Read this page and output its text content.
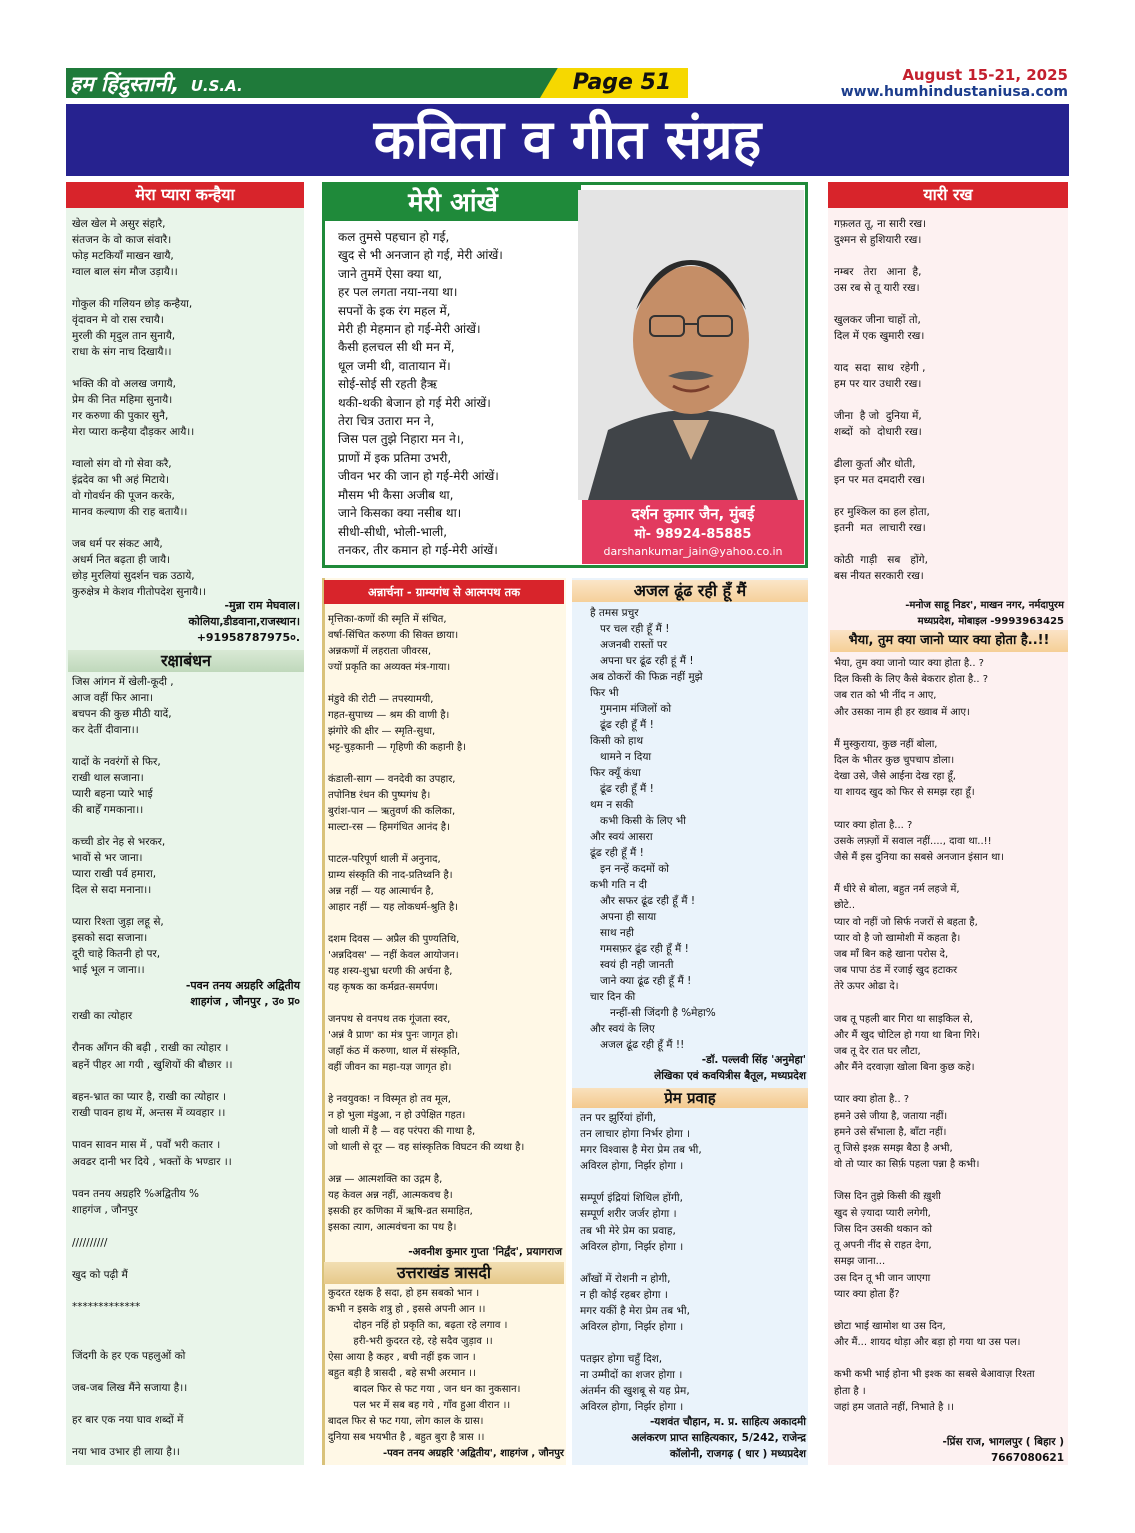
हम हिंदुस्तानी, U.S.A.	Page 51	August 15-21, 2025
www.humhindustaniusa.com
कविता व गीत संग्रह
मेरा प्यारा कन्हैया
खेल खेल मे असुर संहारै,
संतजन के वो काज संवारै।
फोड़ मटकियाँ माखन खायै,
ग्वाल बाल संग मौज उड़ायै।।
गोकुल की गलियन छोड़ कन्हैया,
वृंदावन मे वो रास रचायै।
मुरली की मृदुल तान सुनायै,
राधा के संग नाच दिखायै।।
भक्ति की वो अलख जगायै,
प्रेम की नित महिमा सुनायै।
गर करुणा की पुकार सुनै,
मेरा प्यारा कन्हैया दौड़कर आयै।।
ग्वालो संग वो गो सेवा करै,
इंद्रदेव का भी अहं मिटाये।
वो गोवर्धन की पूजन करके,
मानव कल्याण की राह बतायै।।
जब धर्म पर संकट आयै,
अधर्म नित बढ़ता ही जायै।
छोड़ मुरलियां सुदर्शन चक्र उठाये,
कुरुक्षेत्र मे केशव गीतोपदेश सुनायै।।
-मुन्ना राम मेघवाल।
कोलिया,डीडवाना,राजस्थान।
+91958787975०.
रक्षाबंधन
जिस आंगन में खेली-कूदी ,
आज वहीं फिर आना।
बचपन की कुछ मीठी यादें,
कर देतीं दीवाना।।
यादों के नवरंगों से फिर,
राखी थाल सजाना।
प्यारी बहना प्यारे भाई
की बाहेँ गमकाना।।
कच्ची डोर नेह से भरकर,
भावों से भर जाना।
प्यारा राखी पर्व हमारा,
दिल से सदा मनाना।।
प्यारा रिश्ता जुड़ा लहू से,
इसको सदा सजाना।
दूरी चाहे कितनी हो पर,
भाई भूल न जाना।।
-पवन तनय अग्रहरि अद्वितीय
शाहगंज , जौनपुर , उ० प्र०
राखी का त्योहार
रौनक आँगन की बढ़ी , राखी का त्योहार ।
बहनें पीहर आ गयी , खुशियों की बौछार ।।
बहन-भ्रात का प्यार है, राखी का त्योहार ।
राखी पावन हाथ में, अन्तस में व्यवहार ।।
पावन सावन मास में , पर्वों भरी कतार ।
अवढर दानी भर दिये , भक्तों के भण्डार ।।
पवन तनय अग्रहरि %अद्वितीय %
शाहगंज , जौनपुर
//////////
खुद को पढ़ी मैं
*************
जिंदगी के हर एक पहलुओं को
जब-जब लिख मैंने सजाया है।।
हर बार एक नया घाव शब्दों में
नया भाव उभार ही लाया है।।
मेरी आंखें
कल तुमसे पहचान हो गई,
खुद से भी अनजान हो गई, मेरी आंखें।
जाने तुममें ऐसा क्या था,
हर पल लगता नया-नया था।
सपनों के इक रंग महल में,
मेरी ही मेहमान हो गई-मेरी आंखें।
कैसी हलचल सी थी मन में,
धूल जमी थी, वातायान में।
सोई-सोई सी रहती हैऋ
थकी-थकी बेजान हो गई मेरी आंखें।
तेरा चित्र उतारा मन ने,
जिस पल तुझे निहारा मन ने।,
प्राणों में इक प्रतिमा उभरी,
जीवन भर की जान हो गई-मेरी आंखें।
मौसम भी कैसा अजीब था,
जाने किसका क्या नसीब था।
सीधी-सीधी, भोली-भाली,
तनकर, तीर कमान हो गई-मेरी आंखें।
दर्शन कुमार जैन, मुंबई
मो- 98924-85885
darshankumar_jain@yahoo.co.in
अन्नार्चना - ग्राम्यगंध से आत्मपथ तक
मृत्तिका-कणों की स्मृति में संचित,
वर्षा-सिंचित करुणा की सिक्त छाया।
अन्नकणों में लहराता जीवरस,
ज्यों प्रकृति का अव्यक्त मंत्र-गाया।
मंडुवे की रोटी — तपस्यामयी,
गहत-सुपाच्य — श्रम की वाणी है।
झंगोरे की क्षीर — स्मृति-सुधा,
भट्ट-चुड़कानी — गृहिणी की कहानी है।
कंडाली-साग — वनदेवी का उपहार,
तपोनिष्ठ रंधन की पुष्पगंध है।
बुरांश-पान — ऋतुवर्ण की कलिका,
माल्टा-रस — हिमगंधित आनंद है।
पाटल-परिपूर्ण थाली में अनुनाद,
ग्राम्य संस्कृति की नाद-प्रतिध्वनि है।
अन्न नहीं — यह आत्मार्चन है,
आहार नहीं — यह लोकधर्म-श्रुति है।
दशम दिवस — अप्रैल की पुण्यतिथि,
'अन्नदिवस' — नहीं केवल आयोजन।
यह शस्य-शुभ्रा धरणी की अर्चना है,
यह कृषक का कर्मव्रत-समर्पण।
जनपथ से वनपथ तक गूंजता स्वर,
'अन्नं वै प्राण' का मंत्र पुनः जागृत हो।
जहाँ कंठ में करुणा, थाल में संस्कृति,
वहीं जीवन का महा-यज्ञ जागृत हो।
हे नवयुवक! न विस्मृत हो तव मूल,
न हो भुला मंडुआ, न हो उपेक्षित गहत।
जो थाली में है — वह परंपरा की गाथा है,
जो थाली से दूर — वह सांस्कृतिक विघटन की व्यथा है।
अन्न — आत्मशक्ति का उद्गम है,
यह केवल अन्न नहीं, आत्मकवच है।
इसकी हर कणिका में ऋषि-व्रत समाहित,
इसका त्याग, आत्मवंचना का पथ है।
-अवनीश कुमार गुप्ता 'निर्द्वंद', प्रयागराज
उत्तराखंड त्रासदी
कुदरत रक्षक है सदा, हो हम सबको भान ।
कभी न इसके शत्रु हो , इससे अपनी आन ।।
दोहन नहिं हो प्रकृति का, बढ़ता रहे लगाव ।
हरी-भरी कुदरत रहे, रहे सदैव जुड़ाव ।।
ऐसा आया है कहर , बची नहीं इक जान ।
बहुत बड़ी है त्रासदी , बहे सभी अरमान ।।
बादल फिर से फट गया , जन धन का नुकसान।
पल भर में सब बह गये , गाँव हुआ वीरान ।।
बादल फिर से फट गया, लोग काल के ग्रास।
दुनिया सब भयभीत है , बहुत बुरा है त्रास ।।
-पवन तनय अग्रहरि 'अद्वितीय', शाहगंज , जौनपुर
अजल ढूंढ रही हूँ मैं
है तमस प्रचुर
पर चल रही हूँ मैं !
अजनबी रास्तों पर
अपना घर ढूंढ रही हूं मैं !
अब ठोकरों की फिक्र नहीं मुझे
फिर भी
गुमनाम मंजिलों को
ढूंढ रही हूँ मैं !
किसी को हाथ
थामने न दिया
फिर क्यूँ कंधा
ढूंढ रही हूँ मैं !
थम न सकी
कभी किसी के लिए भी
और स्वयं आसरा
ढूंढ रही हूँ मैं !
इन नन्हें कदमों को
कभी गति न दी
और सफर ढूंढ रही हूँ मैं !
अपना ही साया
साथ नही
गमसफ़र ढूंढ रही हूँ मैं !
स्वयं ही नही जानती
जाने क्या ढूंढ रही हूँ मैं !
चार दिन की
नन्हीं-सी जिंदगी है %मेहा%
और स्वयं के लिए
अजल ढूंढ रही हूँ मैं !!
-डॉ. पल्लवी सिंह 'अनुमेहा'
लेखिका एवं कवयित्रीस बैतूल, मध्यप्रदेश
प्रेम प्रवाह
तन पर झुर्रियां होंगी,
तन लाचार होगा निर्भर होगा ।
मगर विश्वास है मेरा प्रेम तब भी,
अविरल होगा, निर्झर होगा ।
सम्पूर्ण इंद्रियां शिथिल होंगी,
सम्पूर्ण शरीर जर्जर होगा ।
तब भी मेरे प्रेम का प्रवाह,
अविरल होगा, निर्झर होगा ।
आँखों में रोशनी न होगी,
न ही कोई रहबर होगा ।
मगर यकीं है मेरा प्रेम तब भी,
अविरल होगा, निर्झर होगा ।
पतझर होगा चहुँ दिश,
ना उम्मीदों का शजर होगा ।
अंतर्मन की खुशबू से यह प्रेम,
अविरल होगा, निर्झर होगा ।
-यशवंत चौहान, म. प्र. साहित्य अकादमी
अलंकरण प्राप्त साहित्यकार, 5/242, राजेन्द्र
कॉलोनी, राजगढ़ ( धार ) मध्यप्रदेश
यारी रख
गफ़लत तू, ना सारी रख।
दुश्मन से हुशियारी रख।
नम्बर   तेरा   आना  है,
उस रब से तू यारी रख।
खुलकर जीना चाहों तो,
दिल में एक खुमारी रख।
याद  सदा  साथ  रहेगी ,
हम पर यार उधारी रख।
जीना  है जो  दुनिया में,
शब्दों  को  दोधारी रख।
ढीला कुर्ता और धोती,
इन पर मत दमदारी रख।
हर मुश्किल का हल होता,
इतनी  मत  लाचारी रख।
कोठी  गाड़ी   सब   होंगे,
बस नीयत सरकारी रख।
-मनोज साहू निडर', माखन नगर, नर्मदापुरम
मध्यप्रदेश, मोबाइल -9993963425
भैया, तुम क्या जानो प्यार क्या होता है..!!
भैया, तुम क्या जानो प्यार क्या होता है.. ?
दिल किसी के लिए कैसे बेकरार होता है.. ?
जब रात को भी नींद न आए,
और उसका नाम ही हर ख्वाब में आए।
मैं मुस्कुराया, कुछ नहीं बोला,
दिल के भीतर कुछ चुपचाप डोला।
देखा उसे, जैसे आईना देख रहा हूँ,
या शायद खुद को फिर से समझ रहा हूँ।
प्यार क्या होता है... ?
उसके लफ़्ज़ों में सवाल नहीं...., दावा था..!!
जैसे मैं इस दुनिया का सबसे अनजान इंसान था।
मैं धीरे से बोला, बहुत नर्म लहजे में,
छोटे..
प्यार वो नहीं जो सिर्फ नजरों से बहता है,
प्यार वो है जो खामोशी में कहता है।
जब माँ बिन कहे खाना परोस दे,
जब पापा ठंड में रजाई खुद हटाकर
तेरे ऊपर ओढा दे।
जब तू पहली बार गिरा था साइकिल से,
और मैं खुद चोटिल हो गया था बिना गिरे।
जब तू देर रात घर लौटा,
और मैंने दरवाज़ा खोला बिना कुछ कहे।
प्यार क्या होता है.. ?
हमने उसे जीया है, जताया नहीं।
हमने उसे सँभाला है, बाँटा नहीं।
तू जिसे इश्क़ समझ बैठा है अभी,
वो तो प्यार का सिर्फ़ पहला पन्ना है कभी।
जिस दिन तुझे किसी की ख़ुशी
खुद से ज़्यादा प्यारी लगेगी,
जिस दिन उसकी थकान को
तू अपनी नींद से राहत देगा,
समझ जाना...
उस दिन तू भी जान जाएगा
प्यार क्या होता हैं?
छोटा भाई खामोश था उस दिन,
और मैं... शायद थोड़ा और बड़ा हो गया था उस पल।
कभी कभी भाई होना भी इश्क का सबसे बेआवाज़ रिश्ता
होता है ।
जहां हम जताते नहीं, निभाते है ।।
-प्रिंस राज, भागलपुर ( बिहार )
7667080621
